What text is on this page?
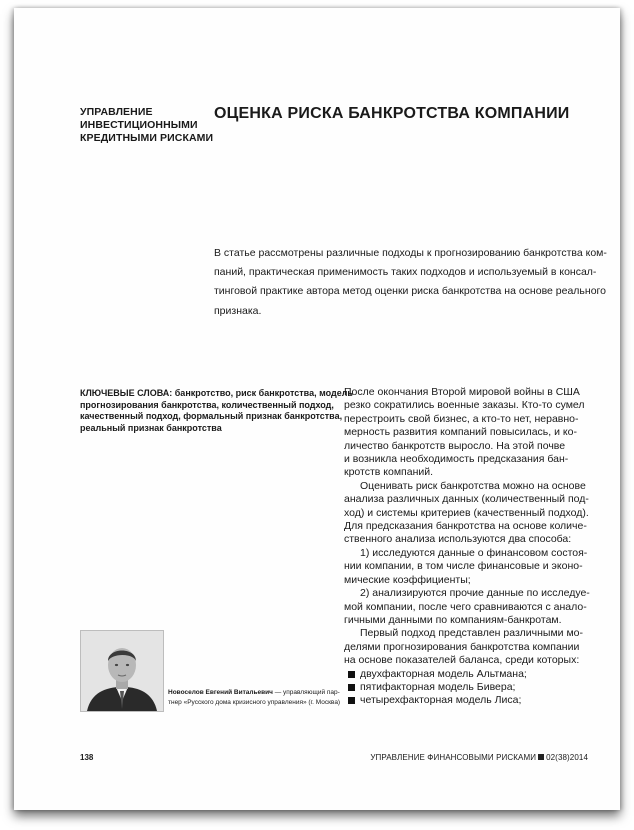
УПРАВЛЕНИЕ
ИНВЕСТИЦИОННЫМИ
КРЕДИТНЫМИ РИСКАМИ
ОЦЕНКА РИСКА БАНКРОТСТВА КОМПАНИИ
В статье рассмотрены различные подходы к прогнозированию банкротства ком-
паний, практическая применимость таких подходов и используемый в консал-
тинговой практике автора метод оценки риска банкротства на основе реального
признака.
КЛЮЧЕВЫЕ СЛОВА: банкротство, риск банкротства, модель
прогнозирования банкротства, количественный подход,
качественный подход, формальный признак банкротства,
реальный признак банкротства
После окончания Второй мировой войны в США
резко сократились военные заказы. Кто-то сумел
перестроить свой бизнес, а кто-то нет, неравно-
мерность развития компаний повысилась, и ко-
личество банкротств выросло. На этой почве
и возникла необходимость предсказания бан-
кротств компаний.
Оценивать риск банкротства можно на основе
анализа различных данных (количественный под-
ход) и системы критериев (качественный подход).
Для предсказания банкротства на основе количе-
ственного анализа используются два способа:
1) исследуются данные о финансовом состоя-
нии компании, в том числе финансовые и эконо-
мические коэффициенты;
2) анализируются прочие данные по исследуе-
мой компании, после чего сравниваются с анало-
гичными данными по компаниям-банкротам.
Первый подход представлен различными мо-
делями прогнозирования банкротства компании
на основе показателей баланса, среди которых:
двухфакторная модель Альтмана;
пятифакторная модель Бивера;
четырехфакторная модель Лиса;
Новоселов Евгений Витальевич — управляющий пар-
тнер «Русского дома кризисного управления» (г. Москва)
138	УПРАВЛЕНИЕ ФИНАНСОВЫМИ РИСКАМИ 02(38)2014
